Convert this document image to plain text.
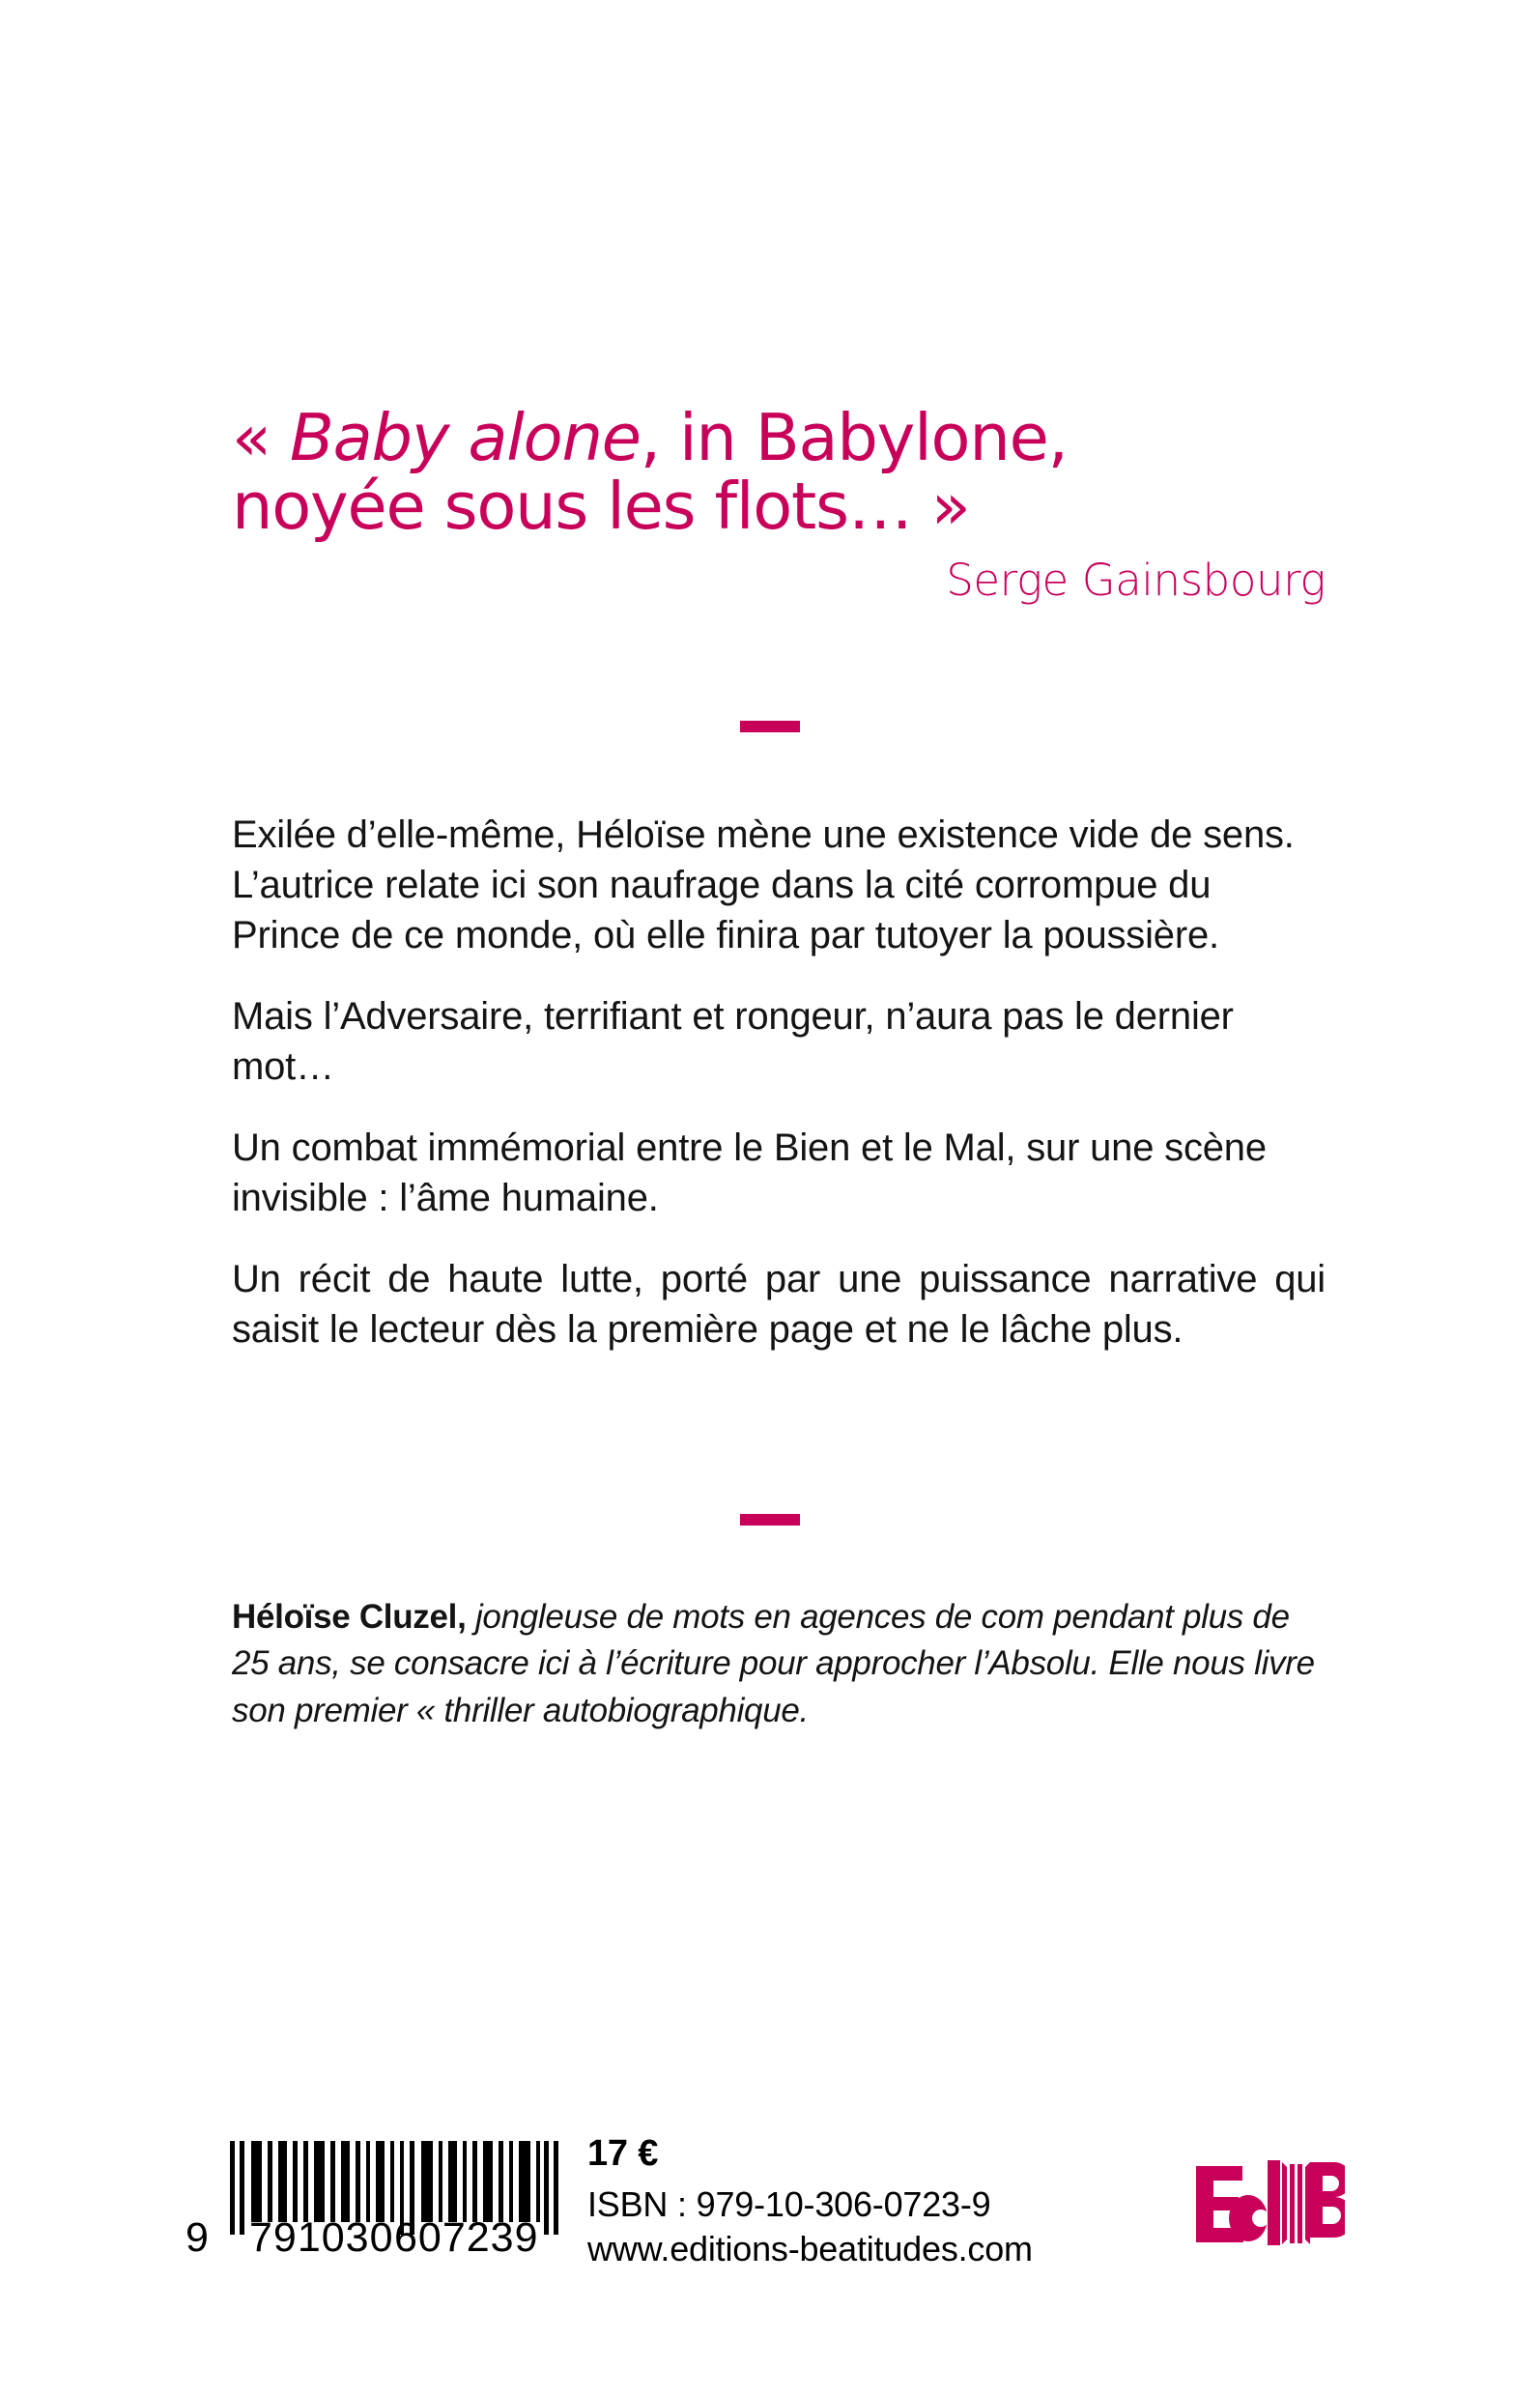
« Baby alone, in Babylone,
noyée sous les flots… »
Serge Gainsbourg

Exilée d’elle-même, Héloïse mène une existence vide de sens. L’autrice relate ici son naufrage dans la cité corrompue du Prince de ce monde, où elle finira par tutoyer la poussière.

Mais l’Adversaire, terrifiant et rongeur, n’aura pas le dernier mot…

Un combat immémorial entre le Bien et le Mal, sur une scène invisible : l’âme humaine.

Un récit de haute lutte, porté par une puissance narrative qui saisit le lecteur dès la première page et ne le lâche plus.

Héloïse Cluzel, jongleuse de mots en agences de com pendant plus de 25 ans, se consacre ici à l’écriture pour approcher l’Absolu. Elle nous livre son premier « thriller autobiographique.

9 791030 607239

17 €

ISBN : 979-10-306-0723-9

www.editions-beatitudes.com
